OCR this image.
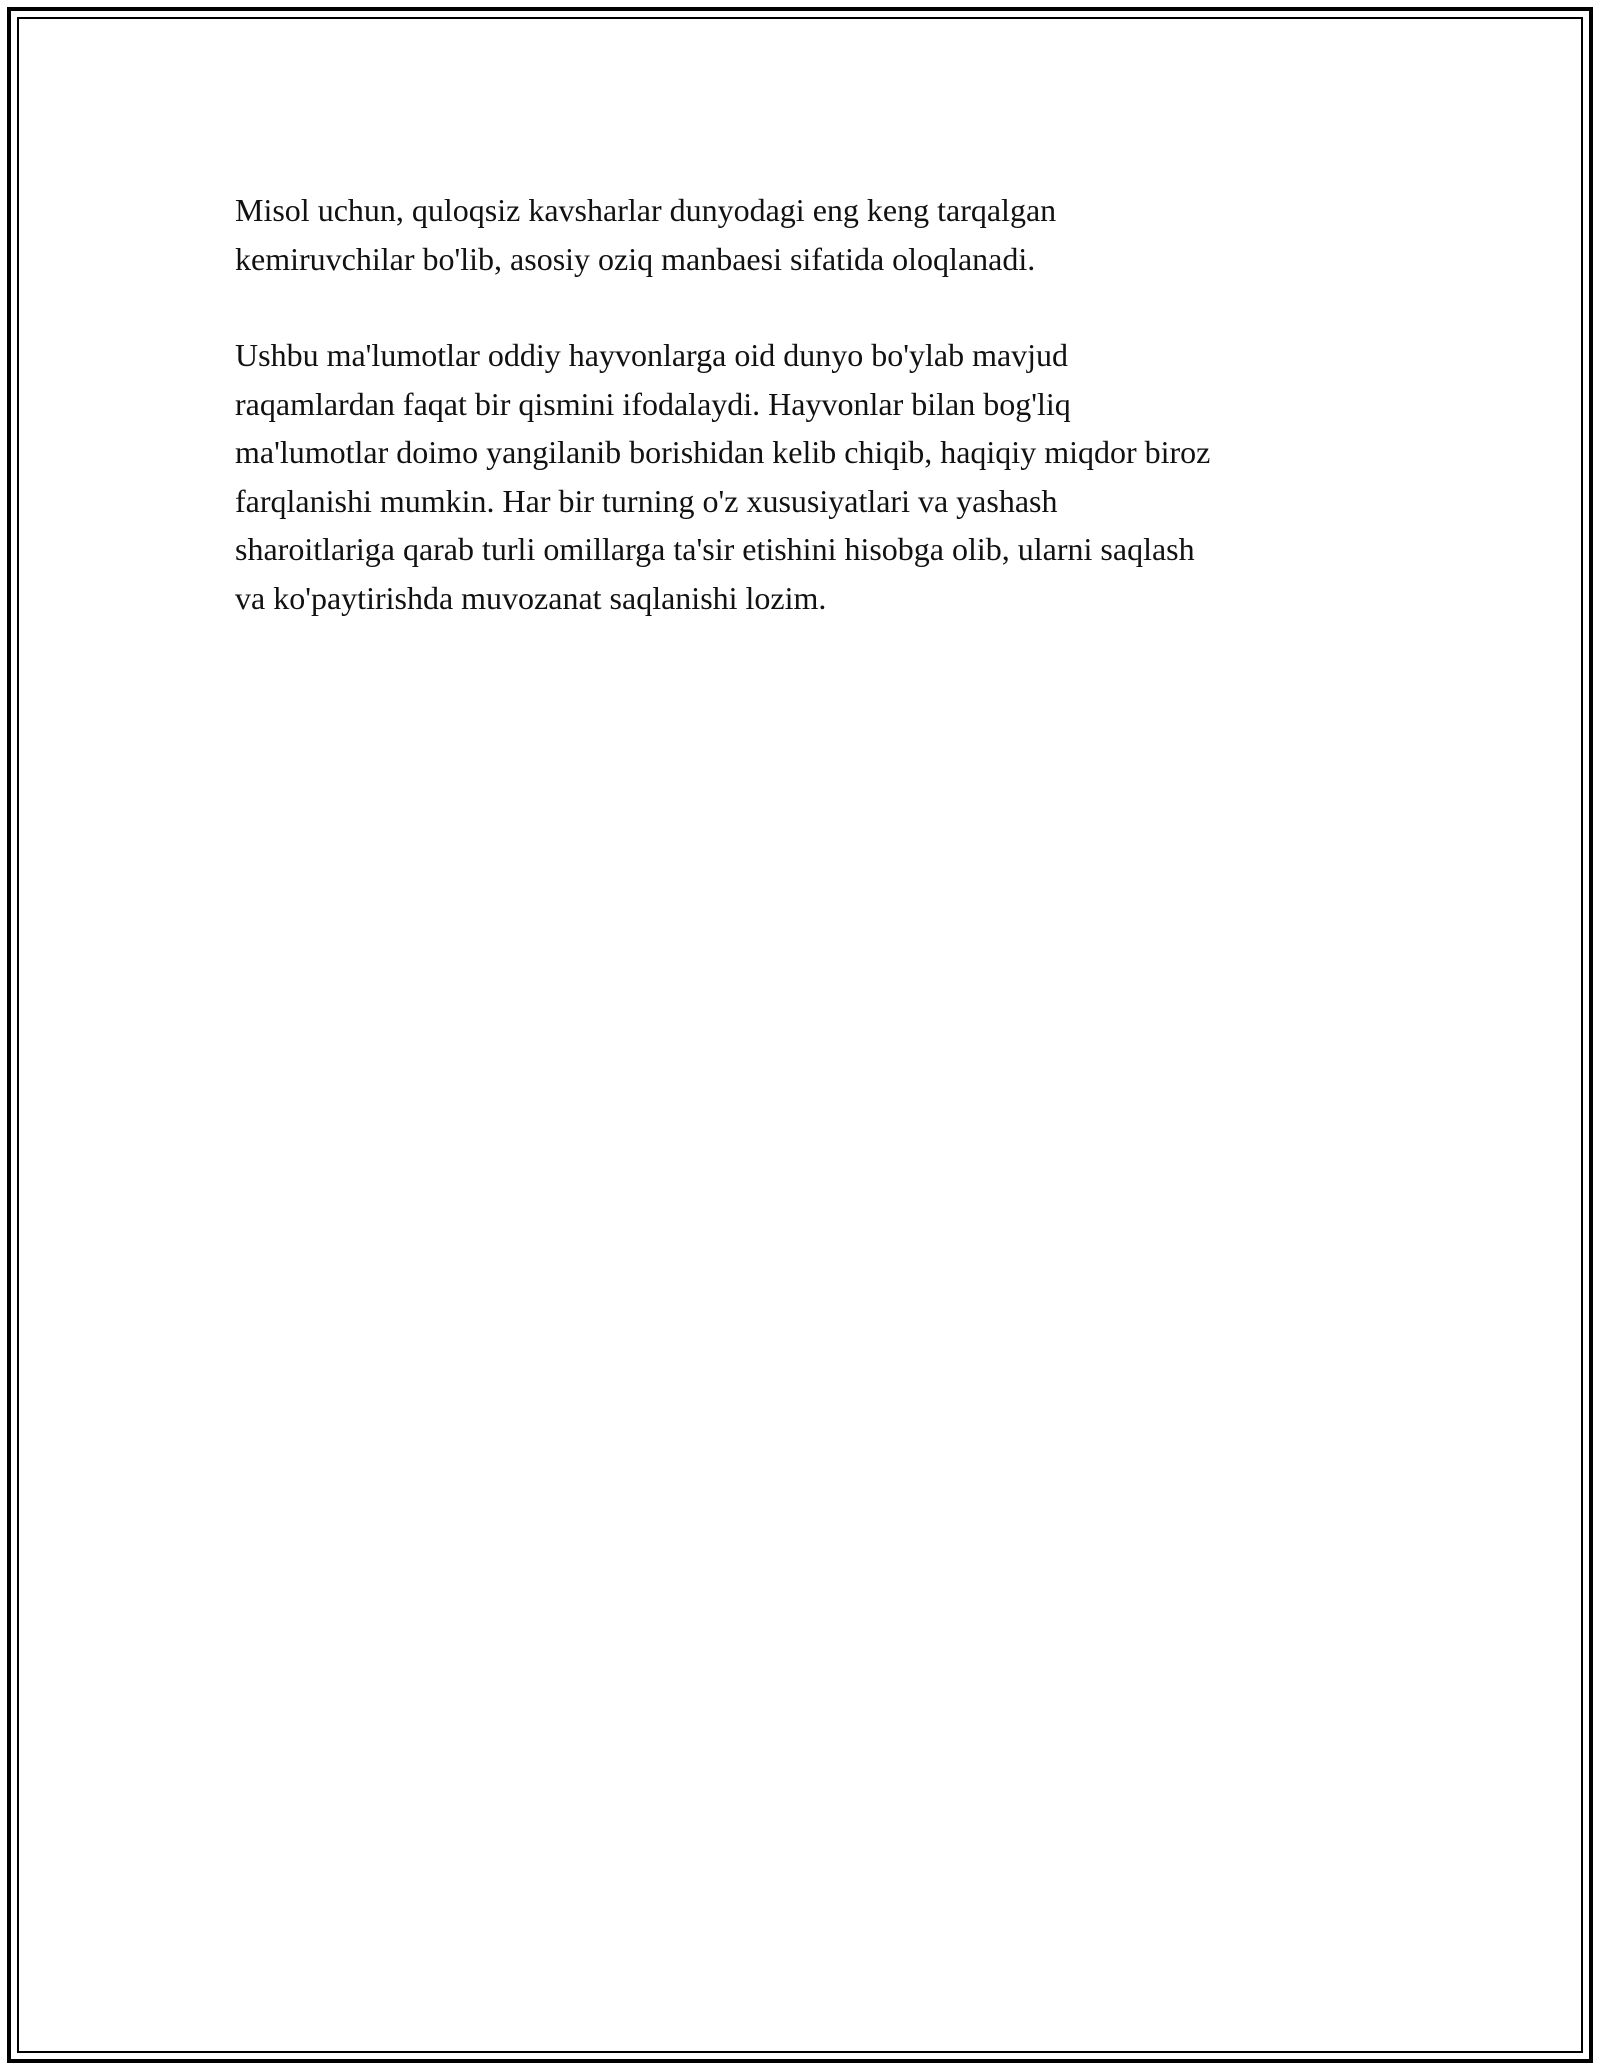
Misol uchun, quloqsiz kavsharlar dunyodagi eng keng tarqalgan
kemiruvchilar bo'lib, asosiy oziq manbaesi sifatida oloqlanadi.

Ushbu ma'lumotlar oddiy hayvonlarga oid dunyo bo'ylab mavjud
raqamlardan faqat bir qismini ifodalaydi. Hayvonlar bilan bog'liq
ma'lumotlar doimo yangilanib borishidan kelib chiqib, haqiqiy miqdor biroz
farqlanishi mumkin. Har bir turning o'z xususiyatlari va yashash
sharoitlariga qarab turli omillarga ta'sir etishini hisobga olib, ularni saqlash
va ko'paytirishda muvozanat saqlanishi lozim.
